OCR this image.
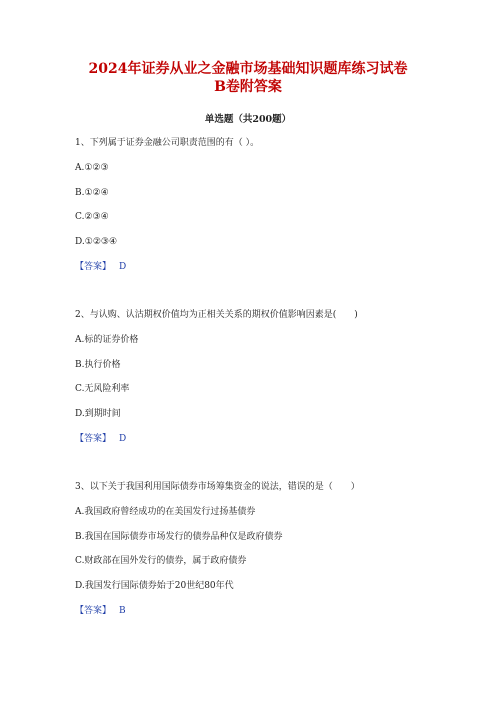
2024年证券从业之金融市场基础知识题库练习试卷
B卷附答案
单选题（共200题）
1、下列属于证券金融公司职责范围的有（ ）。
A.①②③
B.①②④
C.②③④
D.①②③④
【答案】 D
2、与认购、认沽期权价值均为正相关关系的期权价值影响因素是(　　)
A.标的证券价格
B.执行价格
C.无风险利率
D.到期时间
【答案】 D
3、以下关于我国利用国际债券市场筹集资金的说法，错误的是（　　）
A.我国政府曾经成功的在美国发行过扬基债券
B.我国在国际债券市场发行的债券品种仅是政府债券
C.财政部在国外发行的债券，属于政府债券
D.我国发行国际债券始于20世纪80年代
【答案】 B
